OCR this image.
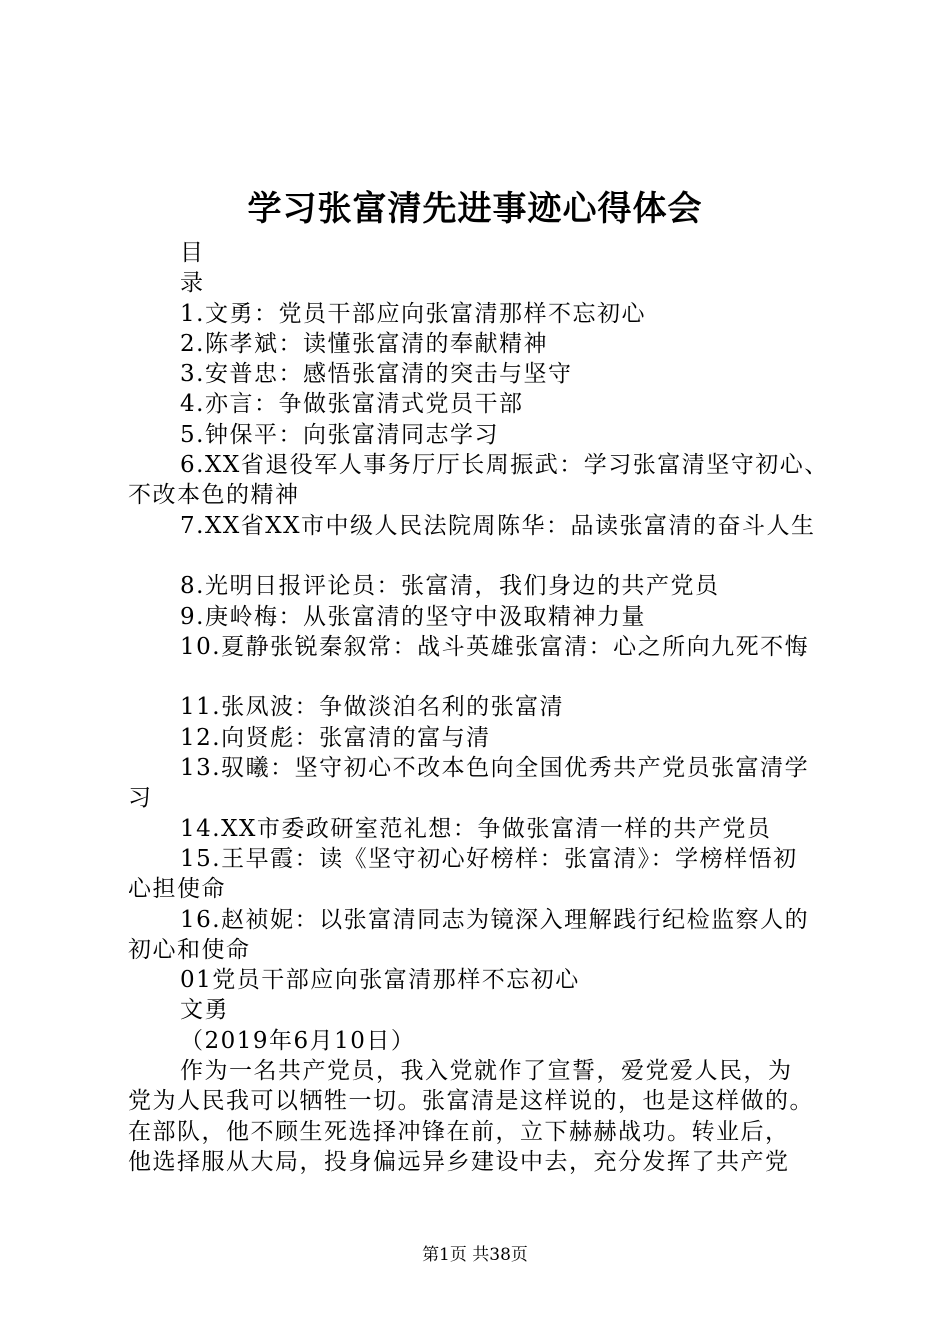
学习张富清先进事迹心得体会
目
录
1.文勇：党员干部应向张富清那样不忘初心
2.陈孝斌：读懂张富清的奉献精神
3.安普忠：感悟张富清的突击与坚守
4.亦言：争做张富清式党员干部
5.钟保平：向张富清同志学习
6.XX省退役军人事务厅厅长周振武：学习张富清坚守初心、
不改本色的精神
7.XX省XX市中级人民法院周陈华：品读张富清的奋斗人生
8.光明日报评论员：张富清，我们身边的共产党员
9.庚岭梅：从张富清的坚守中汲取精神力量
10.夏静张锐秦叙常：战斗英雄张富清：心之所向九死不悔
11.张凤波：争做淡泊名利的张富清
12.向贤彪：张富清的富与清
13.驭曦：坚守初心不改本色向全国优秀共产党员张富清学
习
14.XX市委政研室范礼想：争做张富清一样的共产党员
15.王早霞：读《坚守初心好榜样：张富清》：学榜样悟初
心担使命
16.赵祯妮：以张富清同志为镜深入理解践行纪检监察人的
初心和使命
01党员干部应向张富清那样不忘初心
文勇
（2019年6月10日）
作为一名共产党员，我入党就作了宣誓，爱党爱人民，为
党为人民我可以牺牲一切。张富清是这样说的，也是这样做的。
在部队，他不顾生死选择冲锋在前，立下赫赫战功。转业后，
他选择服从大局，投身偏远异乡建设中去，充分发挥了共产党
第1页 共38页
